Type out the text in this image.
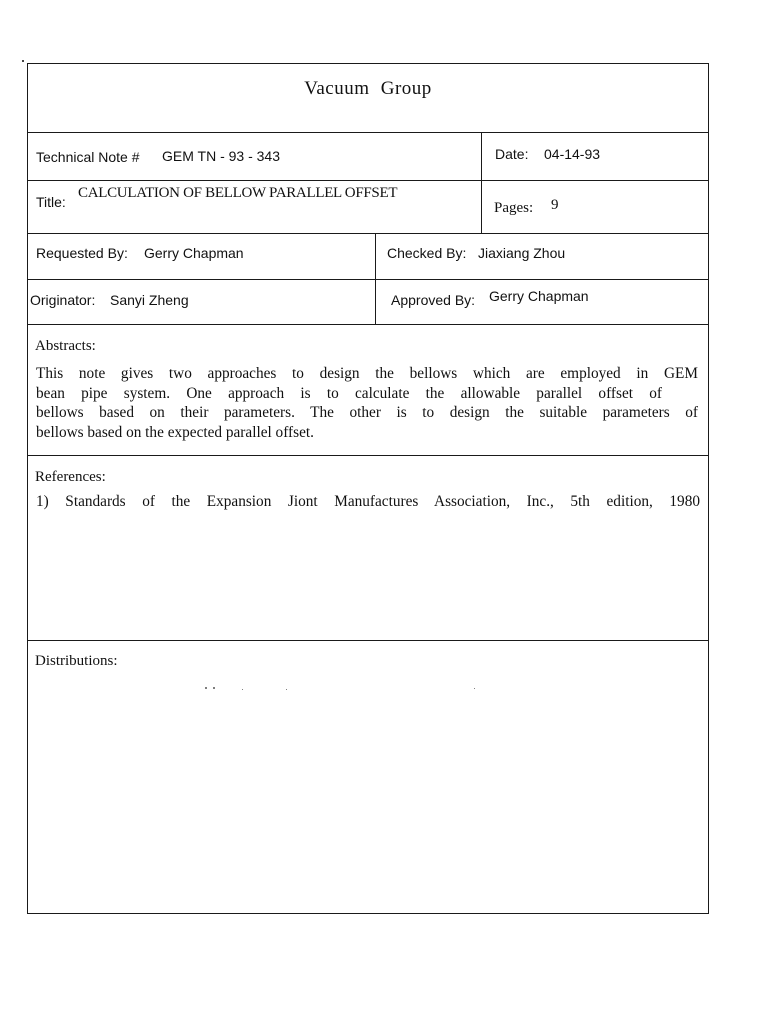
Vacuum Group
Technical Note # GEM TN - 93 - 343	Date: 04-14-93
Title:
CALCULATION OF BELLOW PARALLEL OFFSET
Pages: 9
Requested By: Gerry Chapman	Checked By: Jiaxiang Zhou
Originator: Sanyi Zheng	Approved By: Gerry Chapman
Abstracts:
This note gives two approaches to design the bellows which are employed in GEM
bean pipe system. One approach is to calculate the allowable parallel offset of
bellows based on their parameters. The other is to design the suitable parameters of
bellows based on the expected parallel offset.
References:
1) Standards of the Expansion Jiont Manufactures Association, Inc., 5th edition, 1980
Distributions:
